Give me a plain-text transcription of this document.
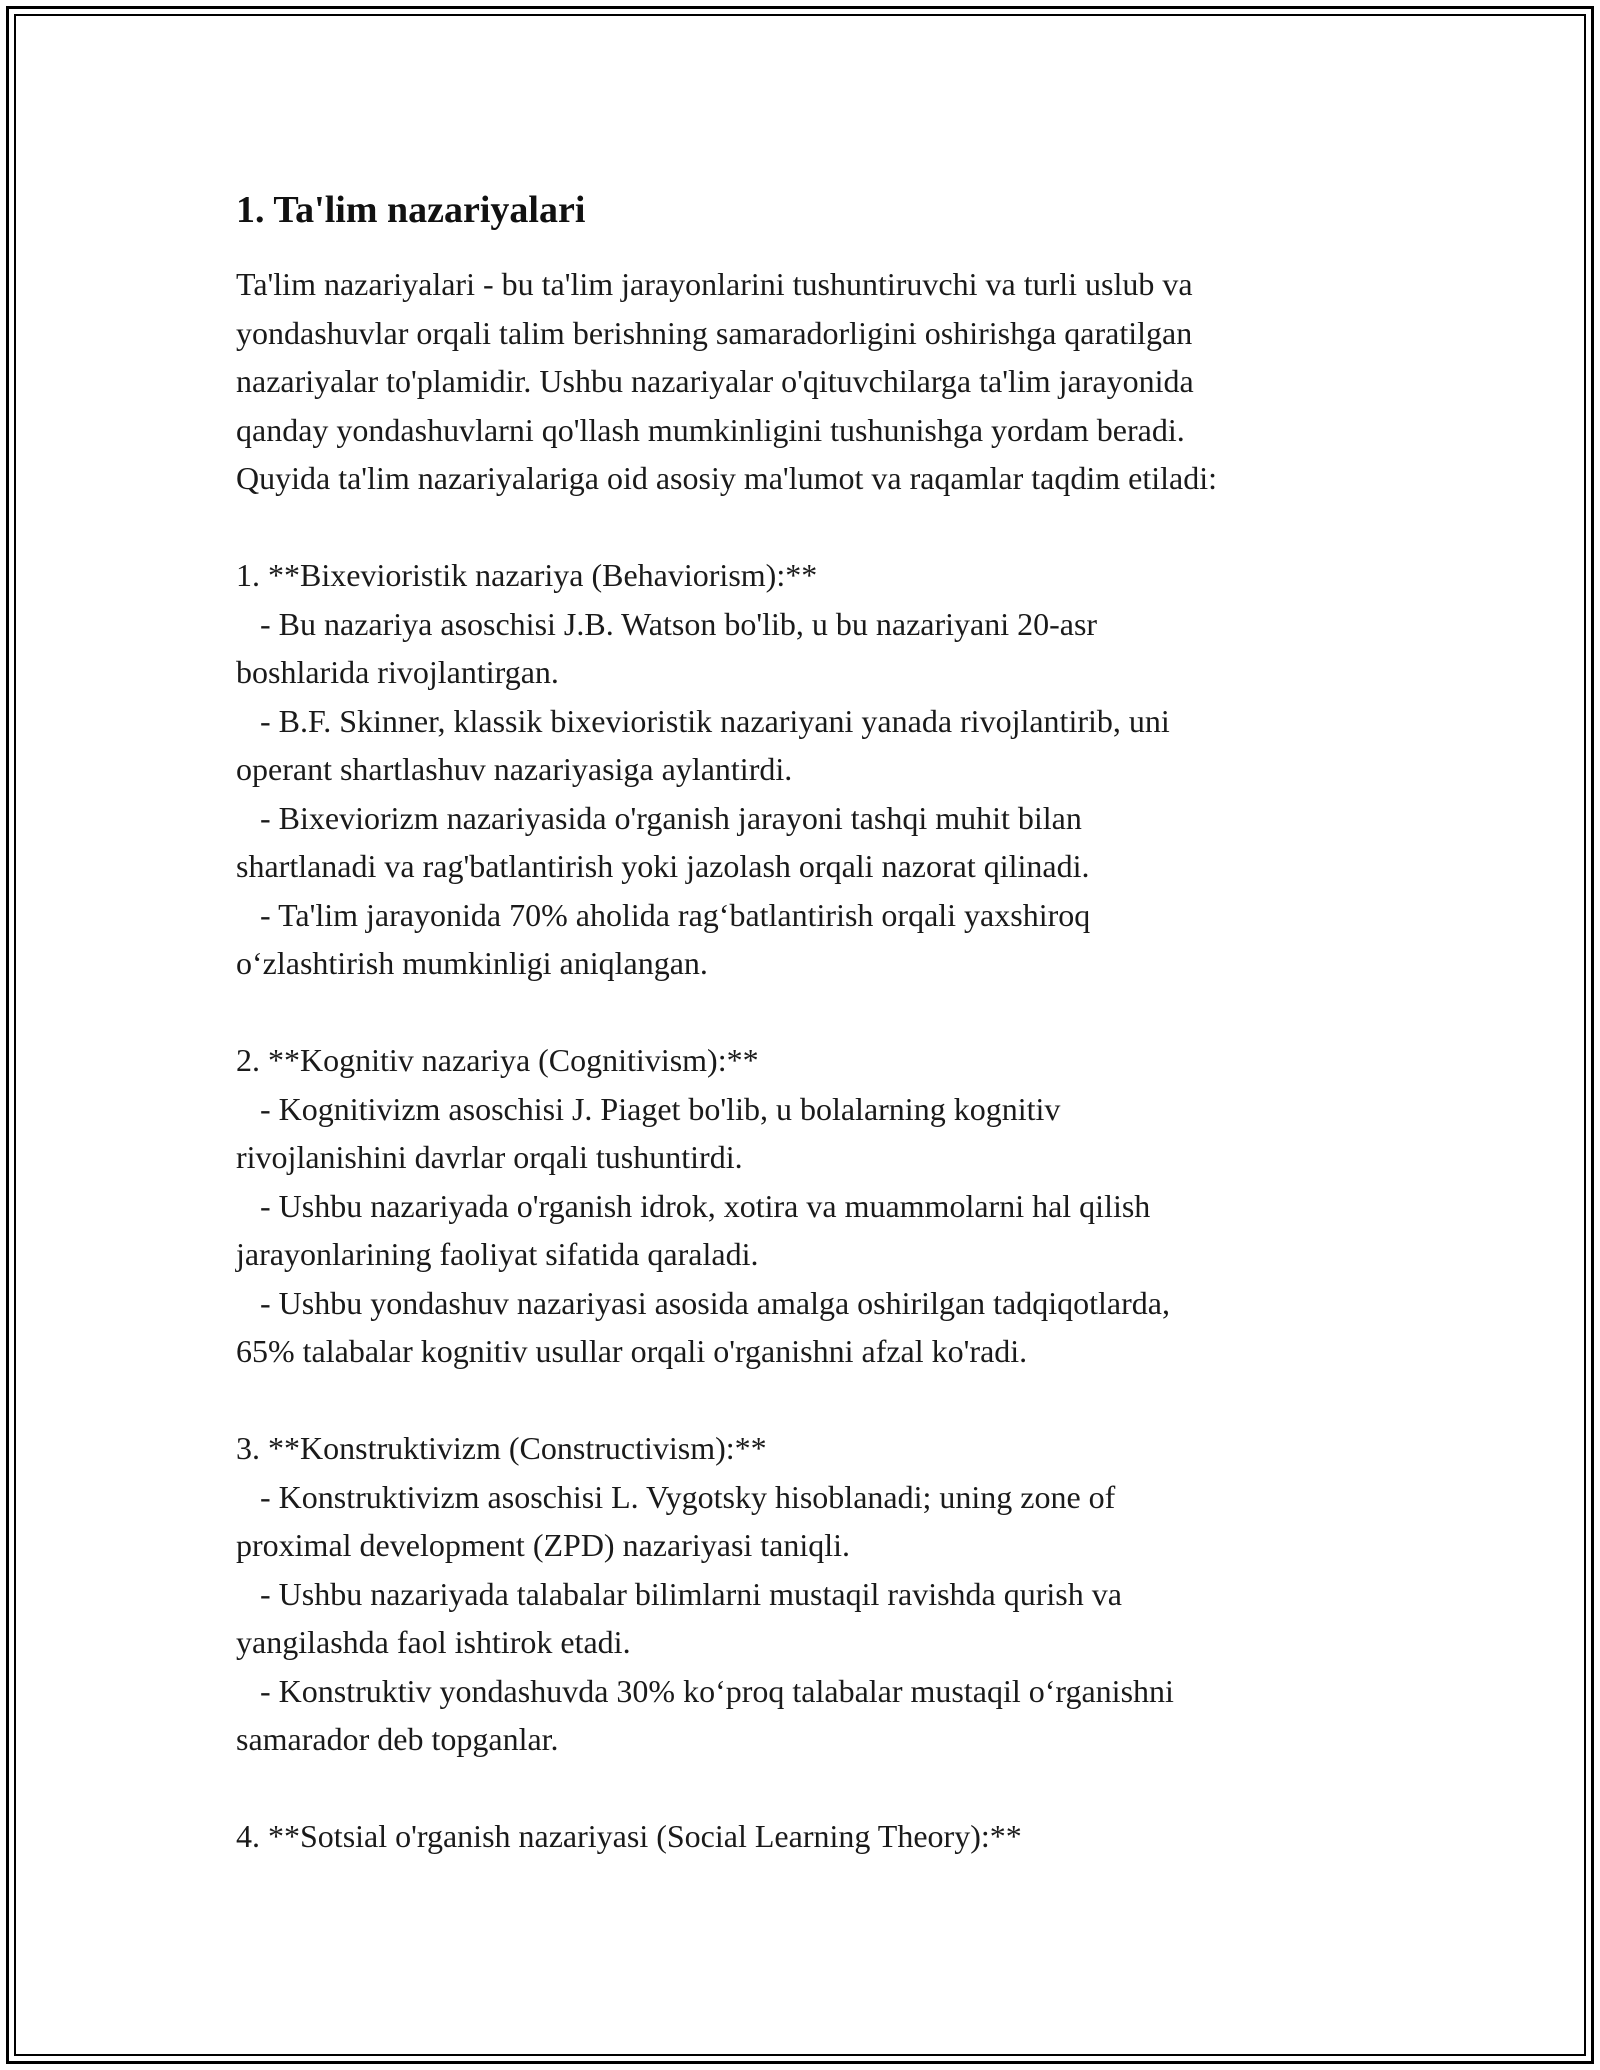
1. Ta'lim nazariyalari

Ta'lim nazariyalari - bu ta'lim jarayonlarini tushuntiruvchi va turli uslub va
yondashuvlar orqali talim berishning samaradorligini oshirishga qaratilgan
nazariyalar to'plamidir. Ushbu nazariyalar o'qituvchilarga ta'lim jarayonida
qanday yondashuvlarni qo'llash mumkinligini tushunishga yordam beradi.
Quyida ta'lim nazariyalariga oid asosiy ma'lumot va raqamlar taqdim etiladi:

1. **Bixevioristik nazariya (Behaviorism):**
- Bu nazariya asoschisi J.B. Watson bo'lib, u bu nazariyani 20-asr
boshlarida rivojlantirgan.
- B.F. Skinner, klassik bixevioristik nazariyani yanada rivojlantirib, uni
operant shartlashuv nazariyasiga aylantirdi.
- Bixeviorizm nazariyasida o'rganish jarayoni tashqi muhit bilan
shartlanadi va rag'batlantirish yoki jazolash orqali nazorat qilinadi.
- Ta'lim jarayonida 70% aholida rag‘batlantirish orqali yaxshiroq
o‘zlashtirish mumkinligi aniqlangan.

2. **Kognitiv nazariya (Cognitivism):**
- Kognitivizm asoschisi J. Piaget bo'lib, u bolalarning kognitiv
rivojlanishini davrlar orqali tushuntirdi.
- Ushbu nazariyada o'rganish idrok, xotira va muammolarni hal qilish
jarayonlarining faoliyat sifatida qaraladi.
- Ushbu yondashuv nazariyasi asosida amalga oshirilgan tadqiqotlarda,
65% talabalar kognitiv usullar orqali o'rganishni afzal ko'radi.

3. **Konstruktivizm (Constructivism):**
- Konstruktivizm asoschisi L. Vygotsky hisoblanadi; uning zone of
proximal development (ZPD) nazariyasi taniqli.
- Ushbu nazariyada talabalar bilimlarni mustaqil ravishda qurish va
yangilashda faol ishtirok etadi.
- Konstruktiv yondashuvda 30% ko‘proq talabalar mustaqil o‘rganishni
samarador deb topganlar.

4. **Sotsial o'rganish nazariyasi (Social Learning Theory):**
